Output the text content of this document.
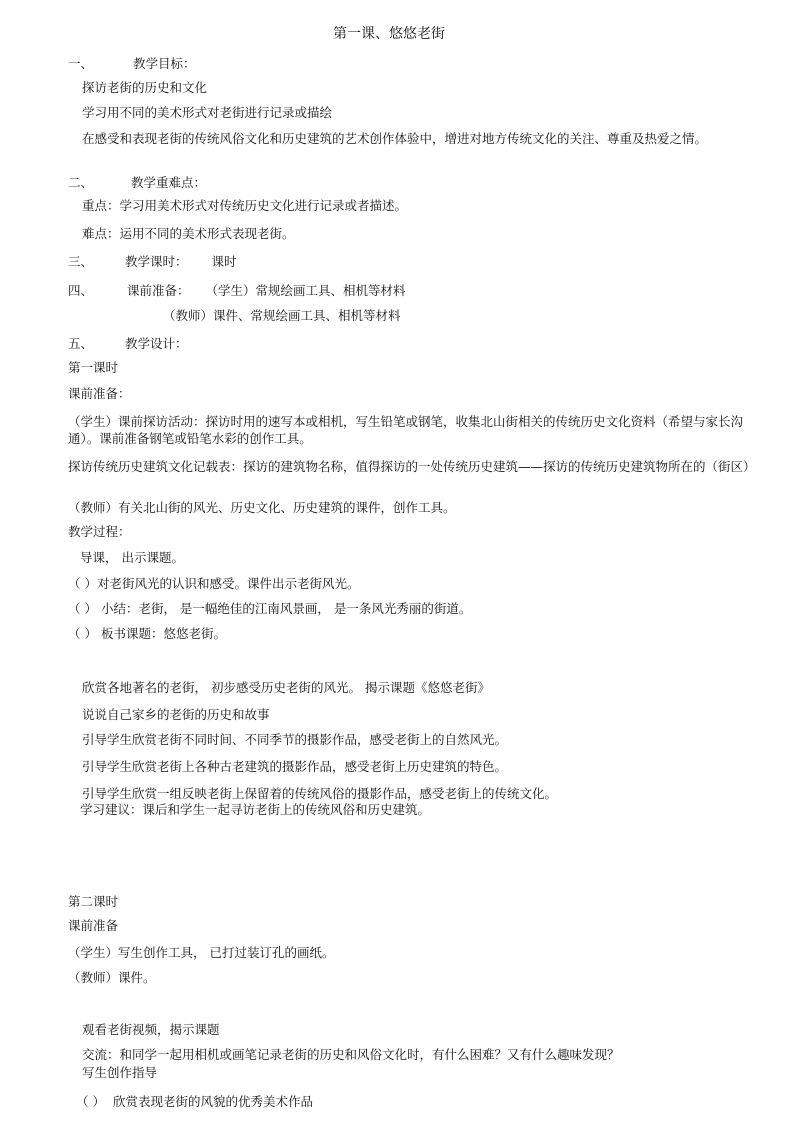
第一课、悠悠老街
一、	教学目标：
探访老街的历史和文化
学习用不同的美术形式对老街进行记录或描绘
在感受和表现老街的传统风俗文化和历史建筑的艺术创作体验中，增进对地方传统文化的关注、尊重及热爱之情。
二、	教学重难点：
重点：学习用美术形式对传统历史文化进行记录或者描述。
难点：运用不同的美术形式表现老街。
三、	教学课时： 课时
四、	课前准备： （学生）常规绘画工具、相机等材料
（教师）课件、常规绘画工具、相机等材料
五、	教学设计：
第一课时
课前准备：
（学生）课前探访活动：探访时用的速写本或相机，写生铅笔或钢笔，收集北山街相关的传统历史文化资料（希望与家长沟通）。课前准备钢笔或铅笔水彩的创作工具。
探访传统历史建筑文化记载表：探访的建筑物名称，值得探访的一处传统历史建筑——探访的传统历史建筑物所在的（街区）
（教师）有关北山街的风光、历史文化、历史建筑的课件，创作工具。
教学过程：
导课， 出示课题。
（ ）对老街风光的认识和感受。课件出示老街风光。
（ ） 小结：老街， 是一幅绝佳的江南风景画， 是一条风光秀丽的街道。
（ ） 板书课题：悠悠老街。
欣赏各地著名的老街， 初步感受历史老街的风光。 揭示课题《悠悠老街》
说说自己家乡的老街的历史和故事
引导学生欣赏老街不同时间、不同季节的摄影作品，感受老街上的自然风光。
引导学生欣赏老街上各种古老建筑的摄影作品，感受老街上历史建筑的特色。
引导学生欣赏一组反映老街上保留着的传统风俗的摄影作品，感受老街上的传统文化。
学习建议：课后和学生一起寻访老街上的传统风俗和历史建筑。
第二课时
课前准备
（学生）写生创作工具， 已打过装订孔的画纸。
（教师）课件。
观看老街视频，揭示课题
交流：和同学一起用相机或画笔记录老街的历史和风俗文化时，有什么困难？又有什么趣味发现？
写生创作指导
（ ） 欣赏表现老街的风貌的优秀美术作品
